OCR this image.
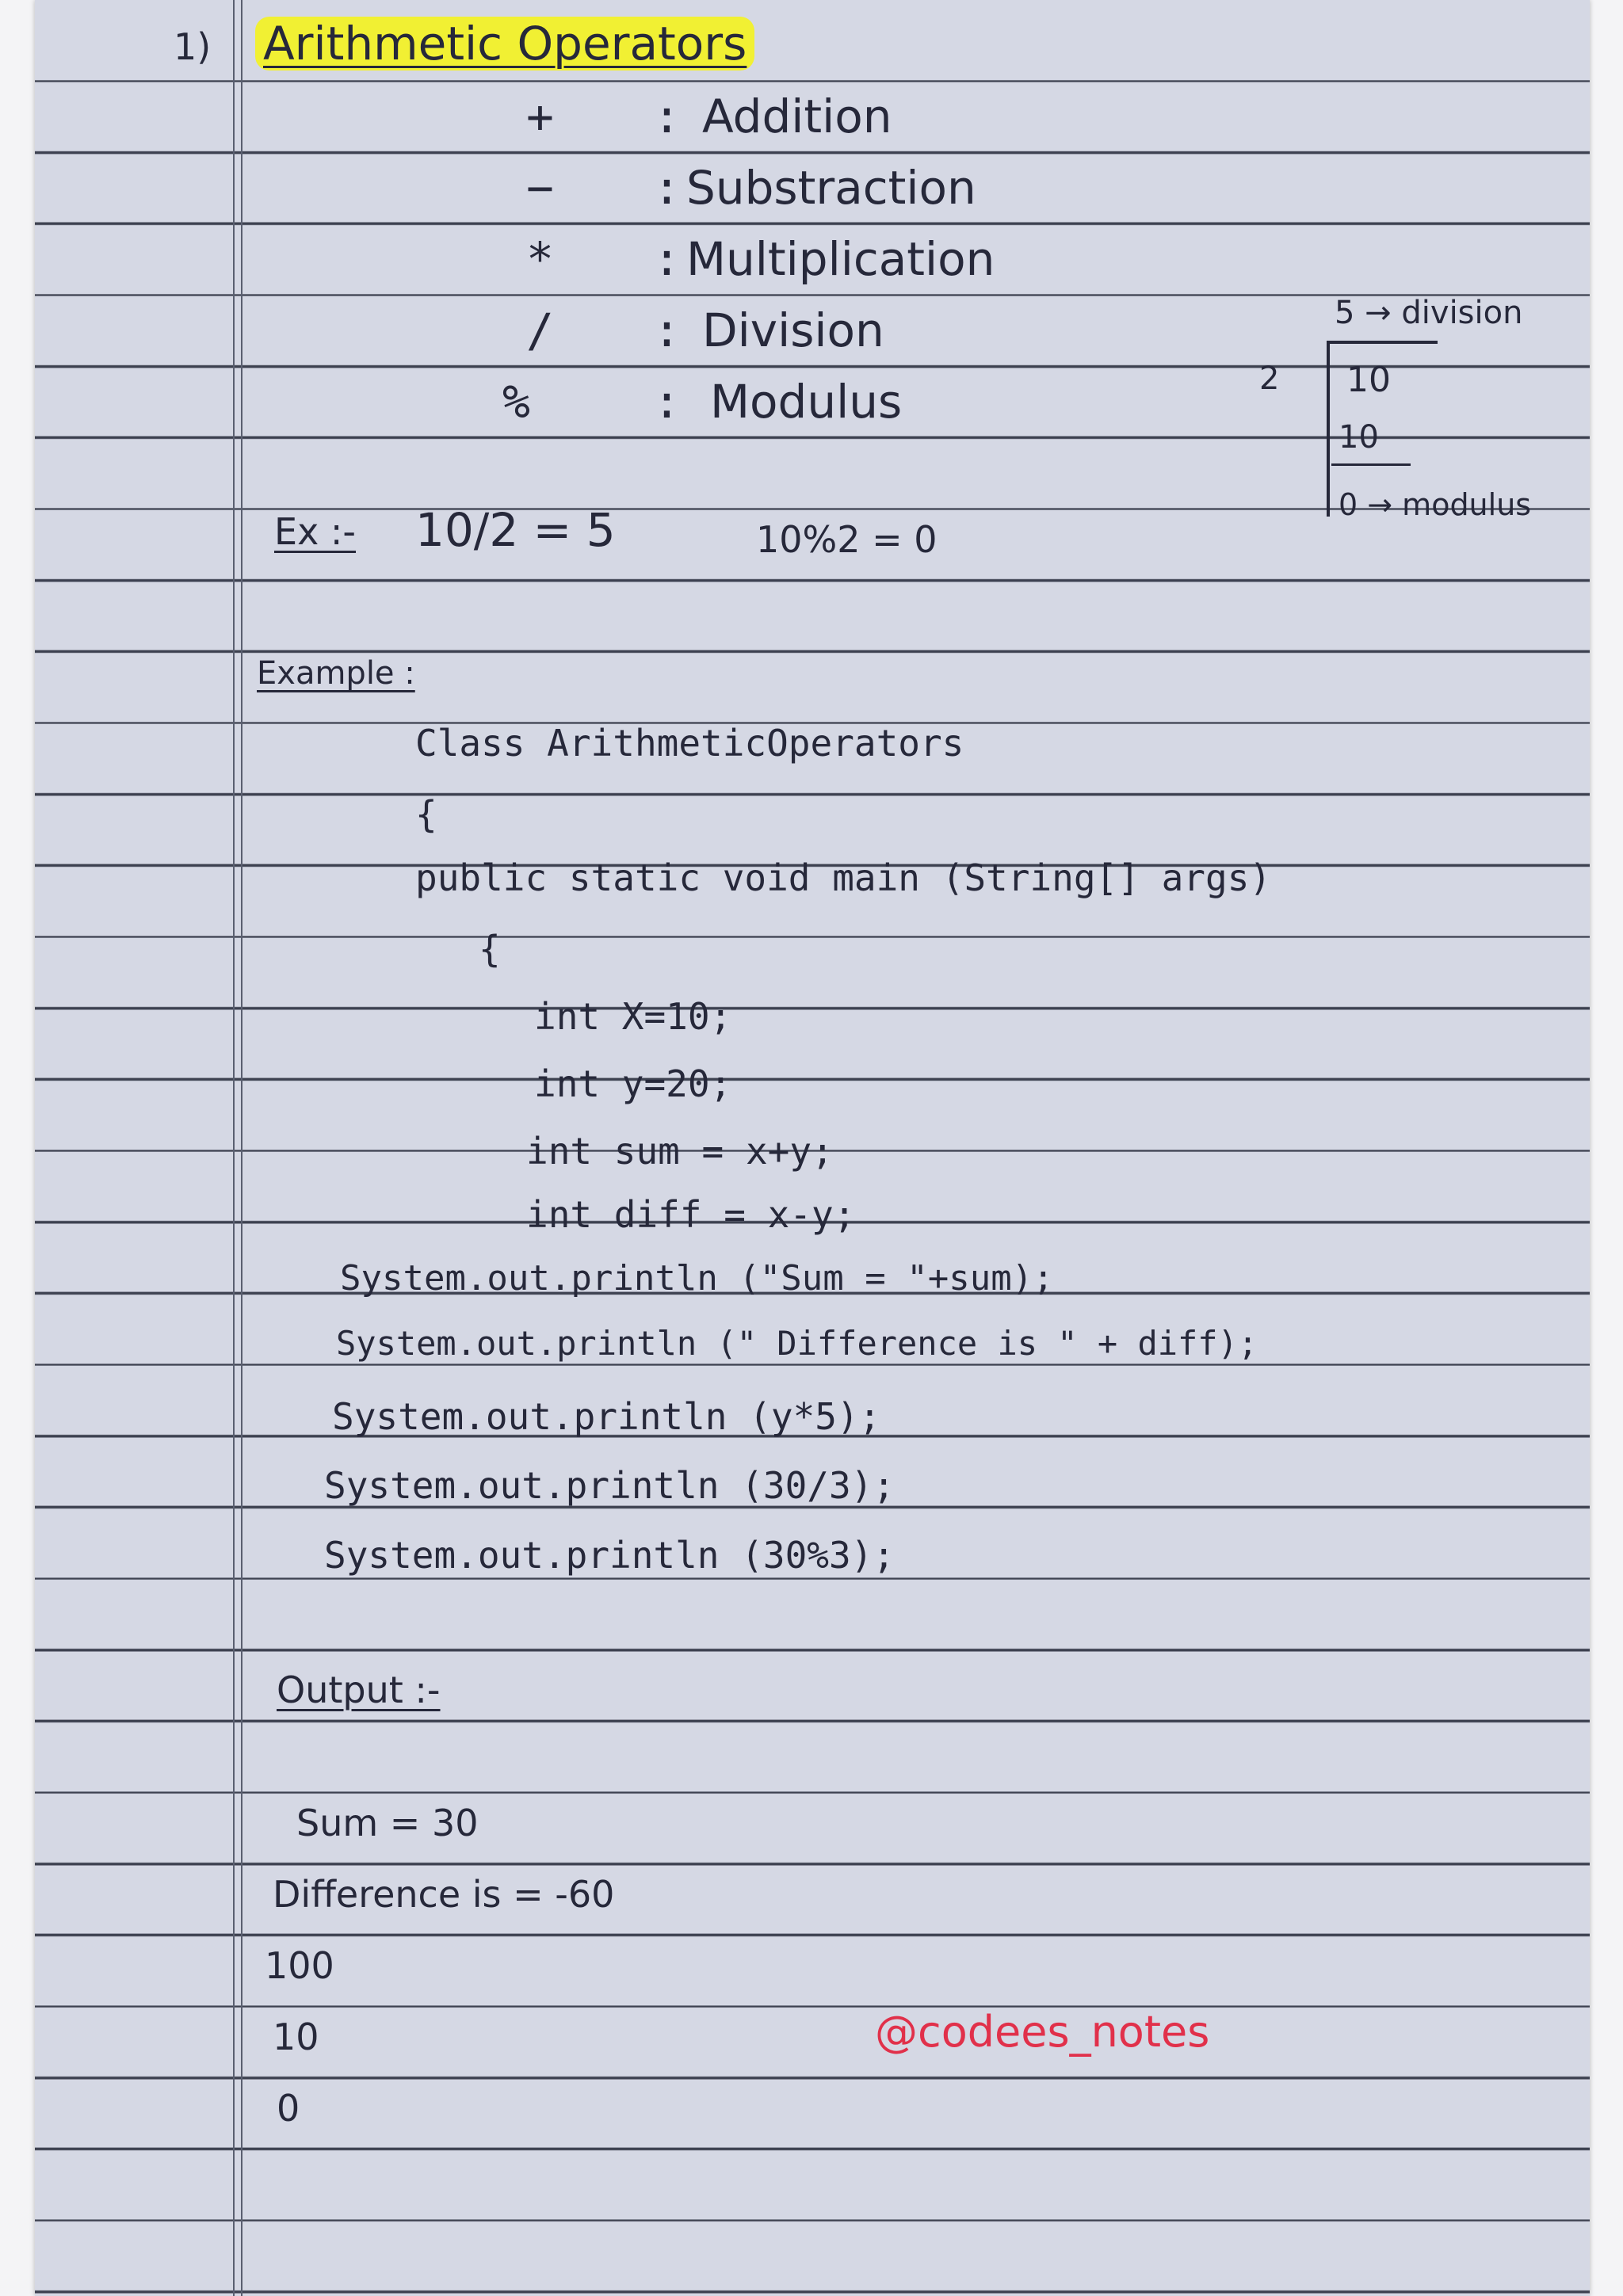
1) Arithmetic Operators
+ : Addition
− : Substraction
* : Multiplication
/ : Division
%	: Modulus
5 → division
2 10
10
0 → modulus
Ex :- 10/2 = 5	10%2 = 0
Example :
Class ArithmeticOperators
{
public static void main (String[] args)
{
int X=10;
int y=20;
int sum = x+y;
int diff = x-y;
System.out.println ("Sum = "+sum);
System.out.println (" Difference is " + diff);
System.out.println (y*5);
System.out.println (30/3);
System.out.println (30%3);
Output :-
Sum = 30
Difference is = -60
100
10
0
@codees_notes
